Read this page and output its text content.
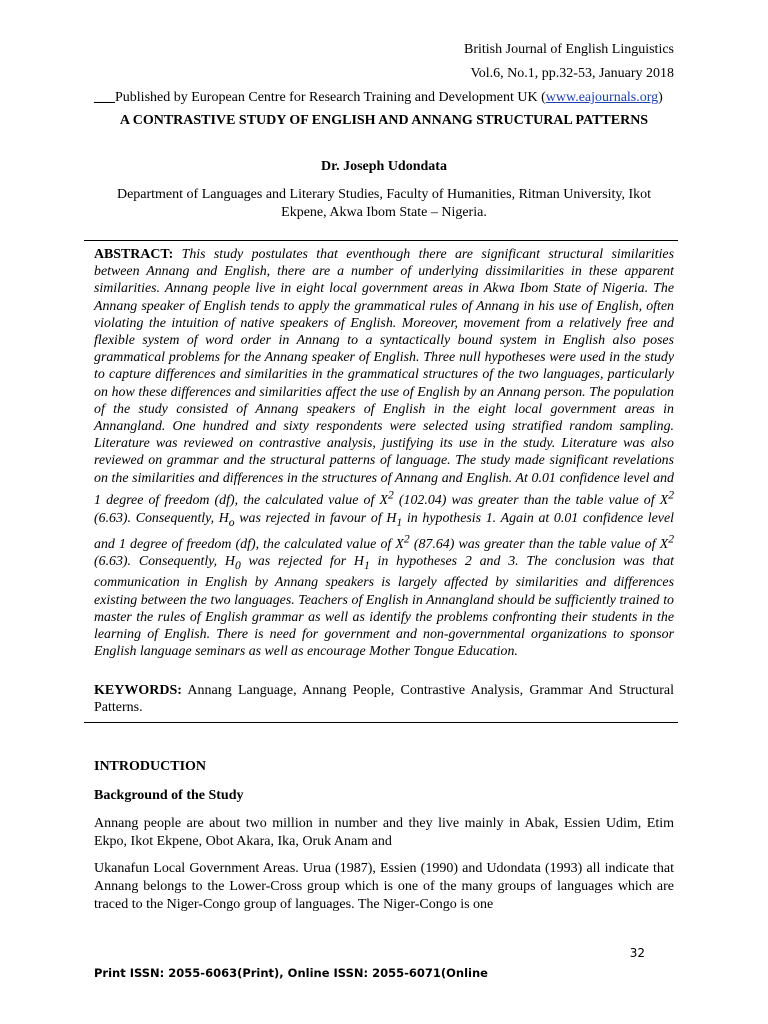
British Journal of English Linguistics
Vol.6, No.1, pp.32-53, January 2018
___Published by European Centre for Research Training and Development UK (www.eajournals.org)
A CONTRASTIVE STUDY OF ENGLISH AND ANNANG STRUCTURAL PATTERNS
Dr. Joseph Udondata
Department of Languages and Literary Studies, Faculty of Humanities, Ritman University, Ikot Ekpene, Akwa Ibom State – Nigeria.
ABSTRACT: This study postulates that eventhough there are significant structural similarities between Annang and English, there are a number of underlying dissimilarities in these apparent similarities. Annang people live in eight local government areas in Akwa Ibom State of Nigeria. The Annang speaker of English tends to apply the grammatical rules of Annang in his use of English, often violating the intuition of native speakers of English. Moreover, movement from a relatively free and flexible system of word order in Annang to a syntactically bound system in English also poses grammatical problems for the Annang speaker of English. Three null hypotheses were used in the study to capture differences and similarities in the grammatical structures of the two languages, particularly on how these differences and similarities affect the use of English by an Annang person. The population of the study consisted of Annang speakers of English in the eight local government areas in Annangland. One hundred and sixty respondents were selected using stratified random sampling. Literature was reviewed on contrastive analysis, justifying its use in the study. Literature was also reviewed on grammar and the structural patterns of language. The study made significant revelations on the similarities and differences in the structures of Annang and English. At 0.01 confidence level and 1 degree of freedom (df), the calculated value of $X^2$ (102.04) was greater than the table value of $X^2$ (6.63). Consequently, $H_o$ was rejected in favour of $H_1$ in hypothesis 1. Again at 0.01 confidence level and 1 degree of freedom (df), the calculated value of $X^2$ (87.64) was greater than the table value of $X^2$ (6.63). Consequently, $H_0$ was rejected for $H_1$ in hypotheses 2 and 3. The conclusion was that communication in English by Annang speakers is largely affected by similarities and differences existing between the two languages. Teachers of English in Annangland should be sufficiently trained to master the rules of English grammar as well as identify the problems confronting their students in the learning of English. There is need for government and non-governmental organizations to sponsor English language seminars as well as encourage Mother Tongue Education.
KEYWORDS: Annang Language, Annang People, Contrastive Analysis, Grammar And Structural Patterns.
INTRODUCTION
Background of the Study
Annang people are about two million in number and they live mainly in Abak, Essien Udim, Etim Ekpo, Ikot Ekpene, Obot Akara, Ika, Oruk Anam and
Ukanafun Local Government Areas. Urua (1987), Essien (1990) and Udondata (1993) all indicate that Annang belongs to the Lower-Cross group which is one of the many groups of languages which are traced to the Niger-Congo group of languages. The Niger-Congo is one
32
Print ISSN: 2055-6063(Print), Online ISSN: 2055-6071(Online
